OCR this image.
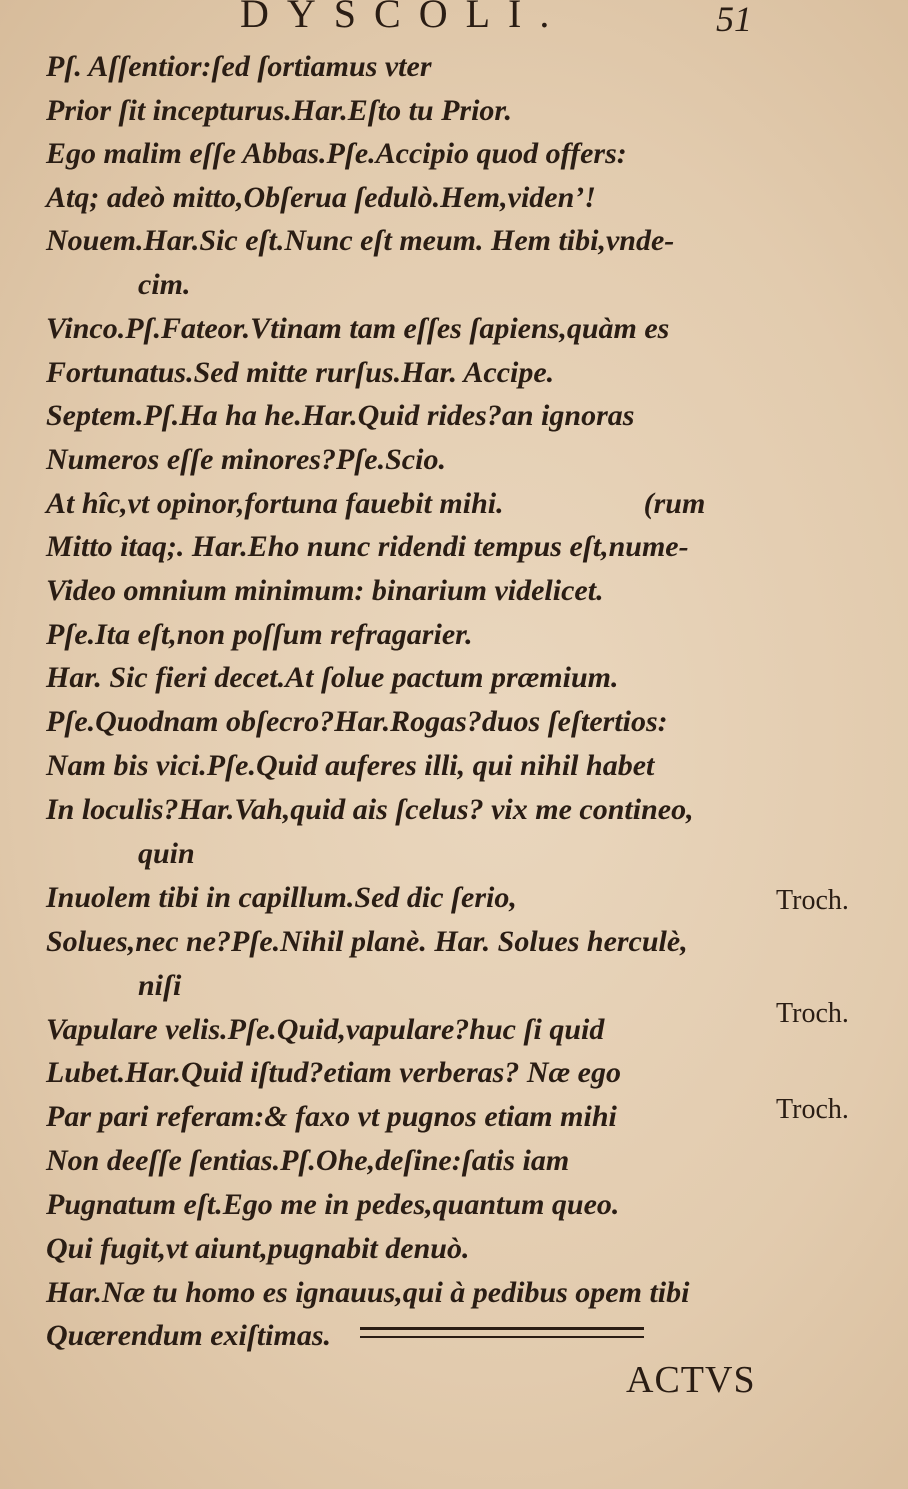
DYSCOLI.	51
Pſ. Aſſentior:ſed ſortiamus vter
Prior ſit incepturus.Har.Eſto tu Prior.
Ego malim eſſe Abbas.Pſe.Accipio quod offers:
Atq; adeò mitto,Obſerua ſedulò.Hem,viden’!
Nouem.Har.Sic eſt.Nunc eſt meum. Hem tibi,vnde-
cim.
Vinco.Pſ.Fateor.Vtinam tam eſſes ſapiens,quàm es
Fortunatus.Sed mitte rurſus.Har. Accipe.
Septem.Pſ.Ha ha he.Har.Quid rides?an ignoras
Numeros eſſe minores?Pſe.Scio.
At hîc,vt opinor,fortuna fauebit mihi.	(rum
Mitto itaq;. Har.Eho nunc ridendi tempus eſt,nume-
Video omnium minimum: binarium videlicet.
Pſe.Ita eſt,non poſſum refragarier.
Har. Sic fieri decet.At ſolue pactum præmium.
Pſe.Quodnam obſecro?Har.Rogas?duos ſeſtertios:
Nam bis vici.Pſe.Quid auferes illi, qui nihil habet
In loculis?Har.Vah,quid ais ſcelus? vix me contineo,
quin
Inuolem tibi in capillum.Sed dic ſerio,
Solues,nec ne?Pſe.Nihil planè. Har. Solues herculè,
niſi
Vapulare velis.Pſe.Quid,vapulare?huc ſi quid
Lubet.Har.Quid iſtud?etiam verberas? Næ ego
Par pari referam:& faxo vt pugnos etiam mihi
Non deeſſe ſentias.Pſ.Ohe,deſine:ſatis iam
Pugnatum eſt.Ego me in pedes,quantum queo.
Qui fugit,vt aiunt,pugnabit denuò.
Har.Næ tu homo es ignauus,qui à pedibus opem tibi
Quærendum exiſtimas.
Troch.
Troch.
Troch.
ACTVS
